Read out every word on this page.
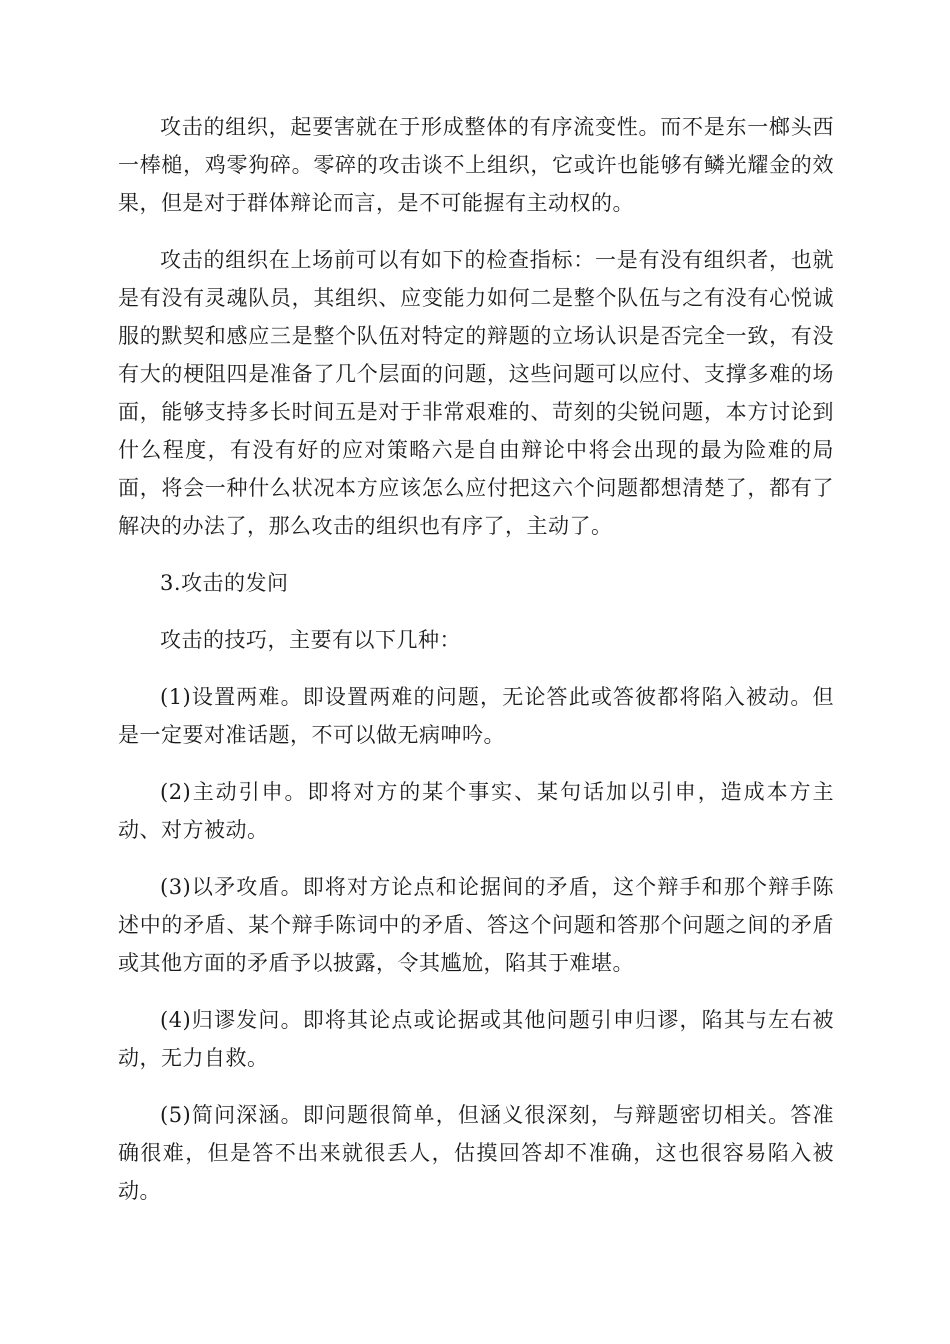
攻击的组织，起要害就在于形成整体的有序流变性。而不是东一榔头西一棒槌，鸡零狗碎。零碎的攻击谈不上组织，它或许也能够有鳞光耀金的效果，但是对于群体辩论而言，是不可能握有主动权的。

攻击的组织在上场前可以有如下的检查指标：一是有没有组织者，也就是有没有灵魂队员，其组织、应变能力如何二是整个队伍与之有没有心悦诚服的默契和感应三是整个队伍对特定的辩题的立场认识是否完全一致，有没有大的梗阻四是准备了几个层面的问题，这些问题可以应付、支撑多难的场面，能够支持多长时间五是对于非常艰难的、苛刻的尖锐问题，本方讨论到什么程度，有没有好的应对策略六是自由辩论中将会出现的最为险难的局面，将会一种什么状况本方应该怎么应付把这六个问题都想清楚了，都有了解决的办法了，那么攻击的组织也有序了，主动了。

3.攻击的发问

攻击的技巧，主要有以下几种：

(1)设置两难。即设置两难的问题，无论答此或答彼都将陷入被动。但是一定要对准话题，不可以做无病呻吟。

(2)主动引申。即将对方的某个事实、某句话加以引申，造成本方主动、对方被动。

(3)以矛攻盾。即将对方论点和论据间的矛盾，这个辩手和那个辩手陈述中的矛盾、某个辩手陈词中的矛盾、答这个问题和答那个问题之间的矛盾或其他方面的矛盾予以披露，令其尴尬，陷其于难堪。

(4)归谬发问。即将其论点或论据或其他问题引申归谬，陷其与左右被动，无力自救。

(5)简问深涵。即问题很简单，但涵义很深刻，与辩题密切相关。答准确很难，但是答不出来就很丢人，估摸回答却不准确，这也很容易陷入被动。
